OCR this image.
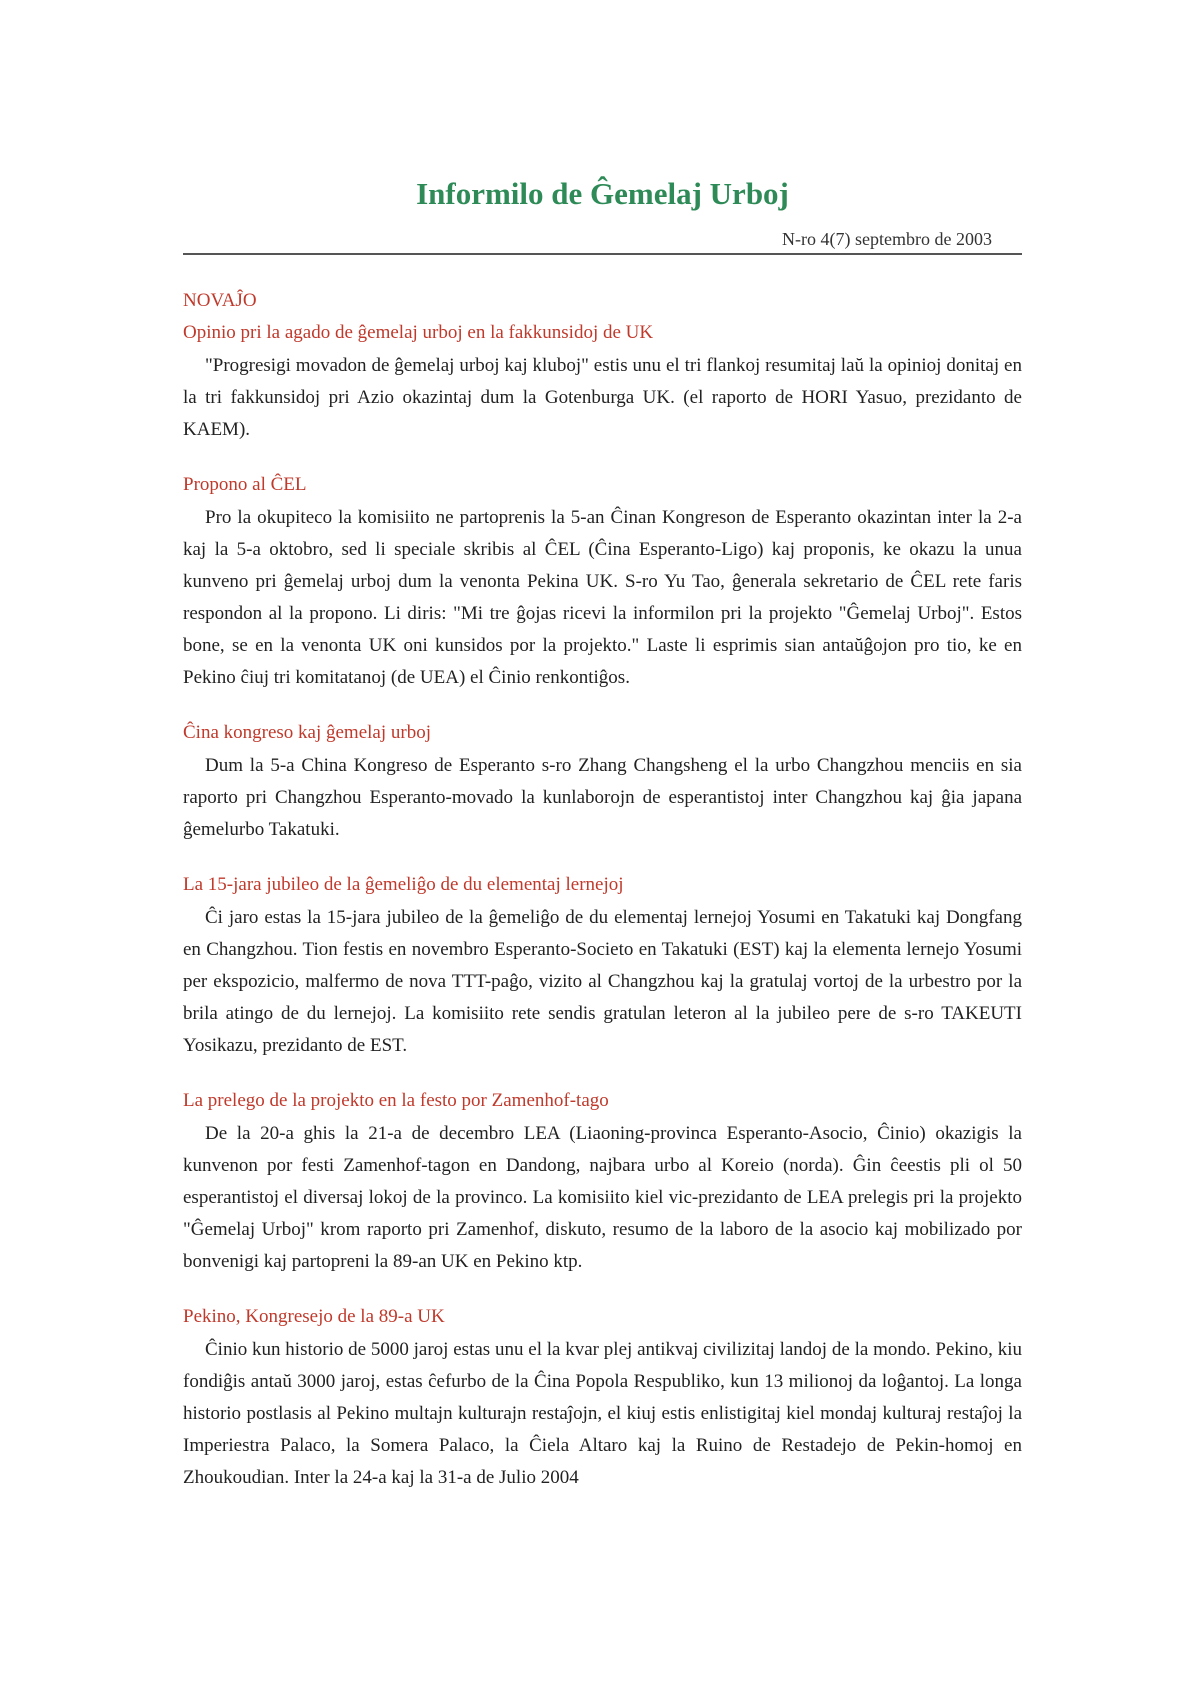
Informilo de Ĝemelaj Urboj
N-ro 4(7) septembro de 2003
NOVAĴO
Opinio pri la agado de ĝemelaj urboj en la fakkunsidoj de UK

"Progresigi movadon de ĝemelaj urboj kaj kluboj" estis unu el tri flankoj resumitaj laŭ la opinioj donitaj en la tri fakkunsidoj pri Azio okazintaj dum la Gotenburga UK. (el raporto de HORI Yasuo, prezidanto de KAEM).

Propono al ĈEL

Pro la okupiteco la komisiito ne partoprenis la 5-an Ĉinan Kongreson de Esperanto okazintan inter la 2-a kaj la 5-a oktobro, sed li speciale skribis al ĈEL (Ĉina Esperanto-Ligo) kaj proponis, ke okazu la unua kunveno pri ĝemelaj urboj dum la venonta Pekina UK. S-ro Yu Tao, ĝenerala sekretario de ĈEL rete faris respondon al la propono. Li diris: "Mi tre ĝojas ricevi la informilon pri la projekto "Ĝemelaj Urboj". Estos bone, se en la venonta UK oni kunsidos por la projekto." Laste li esprimis sian antaŭĝojon pro tio, ke en Pekino ĉiuj tri komitatanoj (de UEA) el Ĉinio renkontiĝos.

Ĉina kongreso kaj ĝemelaj urboj

Dum la 5-a China Kongreso de Esperanto s-ro Zhang Changsheng el la urbo Changzhou menciis en sia raporto pri Changzhou Esperanto-movado la kunlaborojn de esperantistoj inter Changzhou kaj ĝia japana ĝemelurbo Takatuki.

La 15-jara jubileo de la ĝemeliĝo de du elementaj lernejoj

Ĉi jaro estas la 15-jara jubileo de la ĝemeliĝo de du elementaj lernejoj Yosumi en Takatuki kaj Dongfang en Changzhou. Tion festis en novembro Esperanto-Societo en Takatuki (EST) kaj la elementa lernejo Yosumi per ekspozicio, malfermo de nova TTT-paĝo, vizito al Changzhou kaj la gratulaj vortoj de la urbestro por la brila atingo de du lernejoj. La komisiito rete sendis gratulan leteron al la jubileo pere de s-ro TAKEUTI Yosikazu, prezidanto de EST.

La prelego de la projekto en la festo por Zamenhof-tago

De la 20-a ghis la 21-a de decembro LEA (Liaoning-provinca Esperanto-Asocio, Ĉinio) okazigis la kunvenon por festi Zamenhof-tagon en Dandong, najbara urbo al Koreio (norda). Ĝin ĉeestis pli ol 50 esperantistoj el diversaj lokoj de la provinco. La komisiito kiel vic-prezidanto de LEA prelegis pri la projekto "Ĝemelaj Urboj" krom raporto pri Zamenhof, diskuto, resumo de la laboro de la asocio kaj mobilizado por bonvenigi kaj partopreni la 89-an UK en Pekino ktp.

Pekino, Kongresejo de la 89-a UK

Ĉinio kun historio de 5000 jaroj estas unu el la kvar plej antikvaj civilizitaj landoj de la mondo. Pekino, kiu fondiĝis antaŭ 3000 jaroj, estas ĉefurbo de la Ĉina Popola Respubliko, kun 13 milionoj da loĝantoj. La longa historio postlasis al Pekino multajn kulturajn restaĵojn, el kiuj estis enlistigitaj kiel mondaj kulturaj restaĵoj la Imperiestra Palaco, la Somera Palaco, la Ĉiela Altaro kaj la Ruino de Restadejo de Pekin-homoj en Zhoukoudian. Inter la 24-a kaj la 31-a de Julio 2004
